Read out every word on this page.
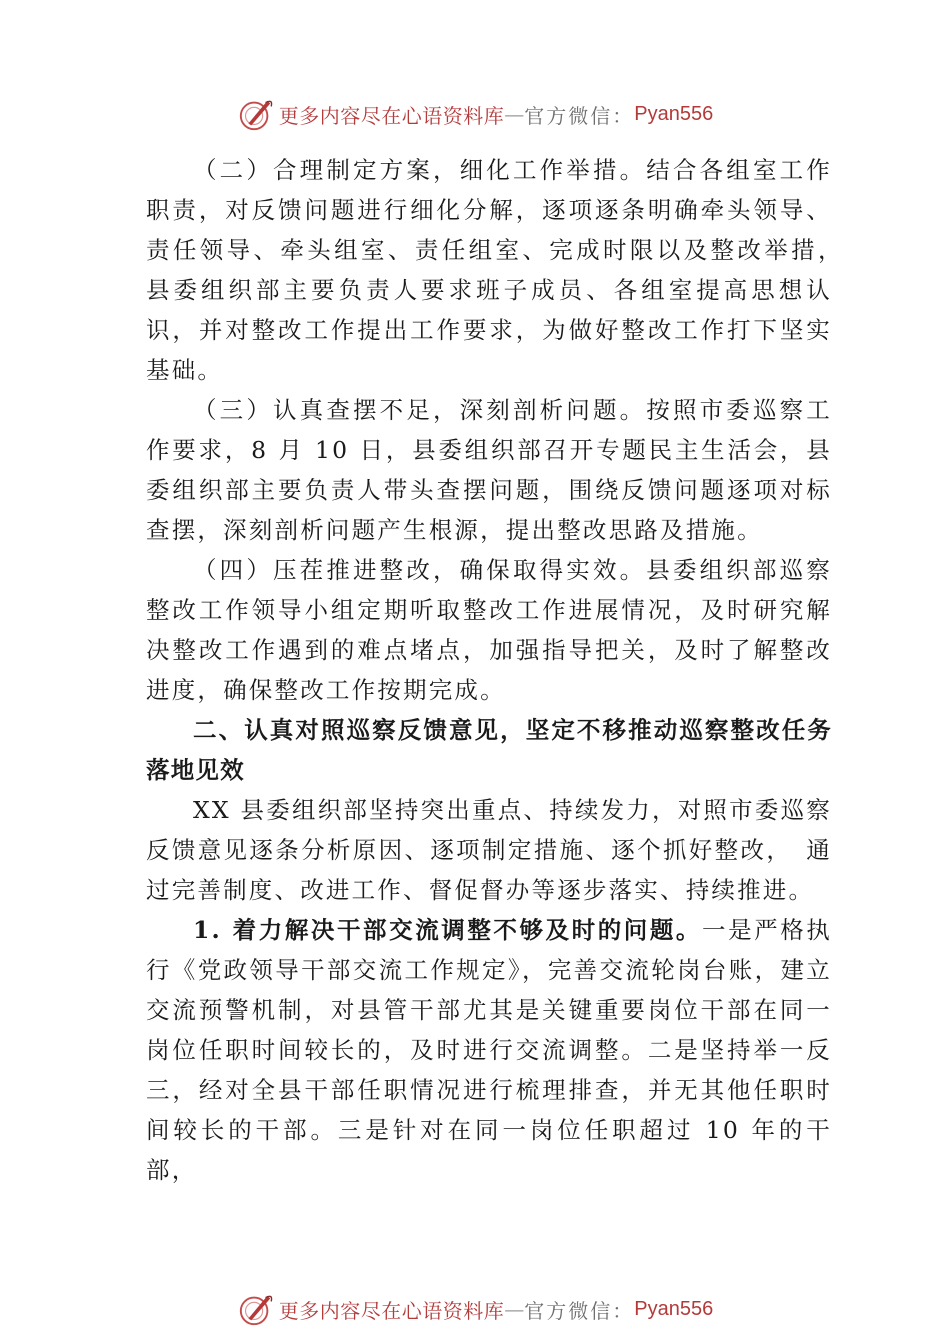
更多内容尽在心语资料库 — 官方微信： Pyan556

（二）合理制定方案，细化工作举措。结合各组室工作职责，对反馈问题进行细化分解，逐项逐条明确牵头领导、责任领导、牵头组室、责任组室、完成时限以及整改举措，　县委组织部主要负责人要求班子成员、各组室提高思想认识，并对整改工作提出工作要求，为做好整改工作打下坚实基础。

（三）认真查摆不足，深刻剖析问题。按照市委巡察工作要求，8 月 10 日，县委组织部召开专题民主生活会，县委组织部主要负责人带头查摆问题，围绕反馈问题逐项对标查摆，深刻剖析问题产生根源，提出整改思路及措施。

（四）压茬推进整改，确保取得实效。县委组织部巡察整改工作领导小组定期听取整改工作进展情况，及时研究解决整改工作遇到的难点堵点，加强指导把关，及时了解整改进度，确保整改工作按期完成。

二、认真对照巡察反馈意见，坚定不移推动巡察整改任务落地见效

XX 县委组织部坚持突出重点、持续发力，对照市委巡察反馈意见逐条分析原因、逐项制定措施、逐个抓好整改，　通过完善制度、改进工作、督促督办等逐步落实、持续推进。

1. 着力解决干部交流调整不够及时的问题。一是严格执行《党政领导干部交流工作规定》，完善交流轮岗台账，建立交流预警机制，对县管干部尤其是关键重要岗位干部在同一岗位任职时间较长的，及时进行交流调整。二是坚持举一反三，经对全县干部任职情况进行梳理排查，并无其他任职时间较长的干部。三是针对在同一岗位任职超过 10 年的干部，

更多内容尽在心语资料库 — 官方微信： Pyan556
